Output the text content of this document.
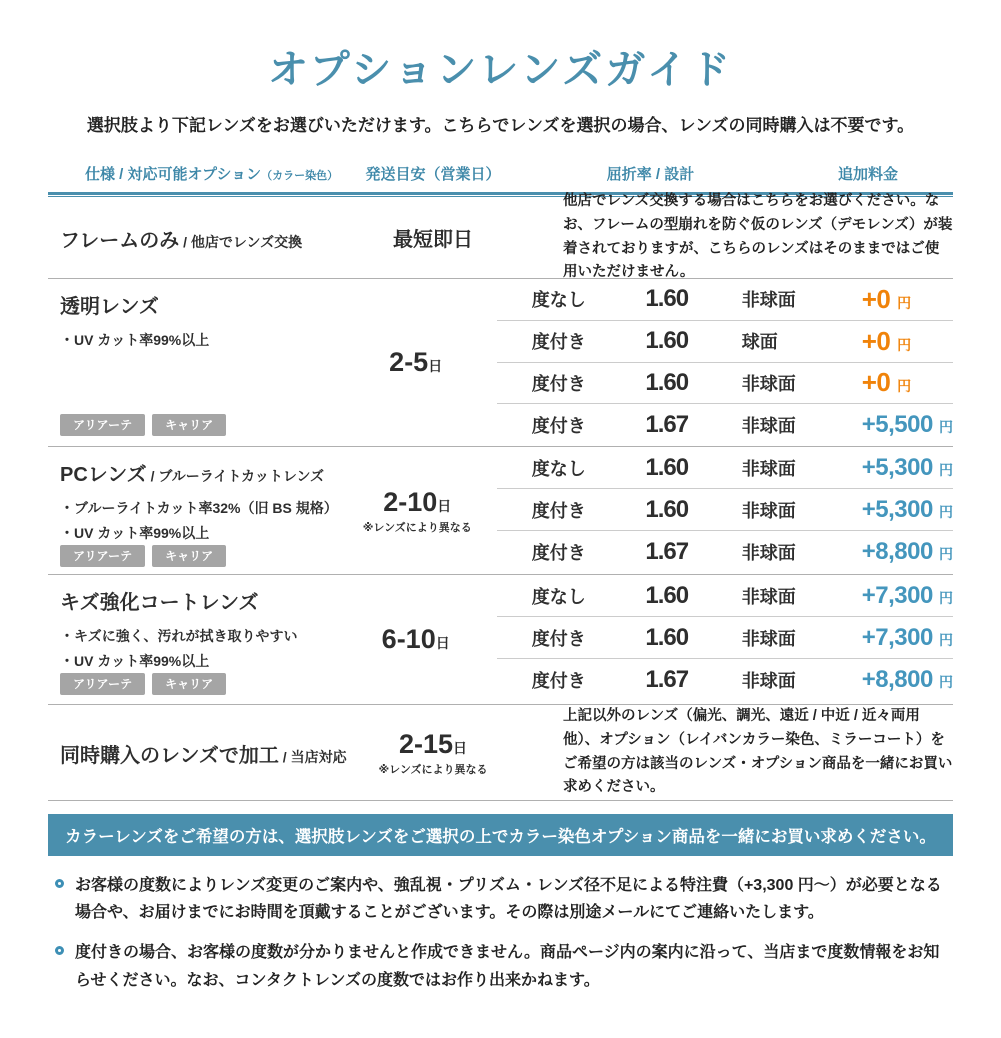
オプションレンズガイド
選択肢より下記レンズをお選びいただけます。こちらでレンズを選択の場合、レンズの同時購入は不要です。
仕様 / 対応可能オプション（カラー染色）	発送目安（営業日）	屈折率 / 設計	追加料金
フレームのみ / 他店でレンズ交換	最短即日
他店でレンズ交換する場合はこちらをお選びください。なお、フレームの型崩れを防ぐ仮のレンズ（デモレンズ）が装着されておりますが、こちらのレンズはそのままではご使用いただけません。
透明レンズ
・UV カット率99%以上
アリアーテ	キャリア
2-5日
度なし	1.60	非球面	+0 円
度付き	1.60	球面	+0 円
度付き	1.60	非球面	+0 円
度付き	1.67	非球面	+5,500 円
PCレンズ / ブルーライトカットレンズ
・ブルーライトカット率32%（旧 BS 規格）
・UV カット率99%以上
アリアーテ	キャリア
2-10日
※レンズにより異なる
度なし	1.60	非球面	+5,300 円
度付き	1.60	非球面	+5,300 円
度付き	1.67	非球面	+8,800 円
キズ強化コートレンズ
・キズに強く、汚れが拭き取りやすい
・UV カット率99%以上
アリアーテ	キャリア
6-10日
度なし	1.60	非球面	+7,300 円
度付き	1.60	非球面	+7,300 円
度付き	1.67	非球面	+8,800 円
同時購入のレンズで加工 / 当店対応 2-15日
※レンズにより異なる
上記以外のレンズ（偏光、調光、遠近 / 中近 / 近々両用 他）、オプション（レイバンカラー染色、ミラーコート）をご希望の方は該当のレンズ・オプション商品を一緒にお買い求めください。
カラーレンズをご希望の方は、選択肢レンズをご選択の上でカラー染色オプション商品を一緒にお買い求めください。
お客様の度数によりレンズ変更のご案内や、強乱視・プリズム・レンズ径不足による特注費（+3,300 円～）が必要となる場合や、お届けまでにお時間を頂戴することがございます。その際は別途メールにてご連絡いたします。
度付きの場合、お客様の度数が分かりませんと作成できません。商品ページ内の案内に沿って、当店まで度数情報をお知らせください。なお、コンタクトレンズの度数ではお作り出来かねます。
